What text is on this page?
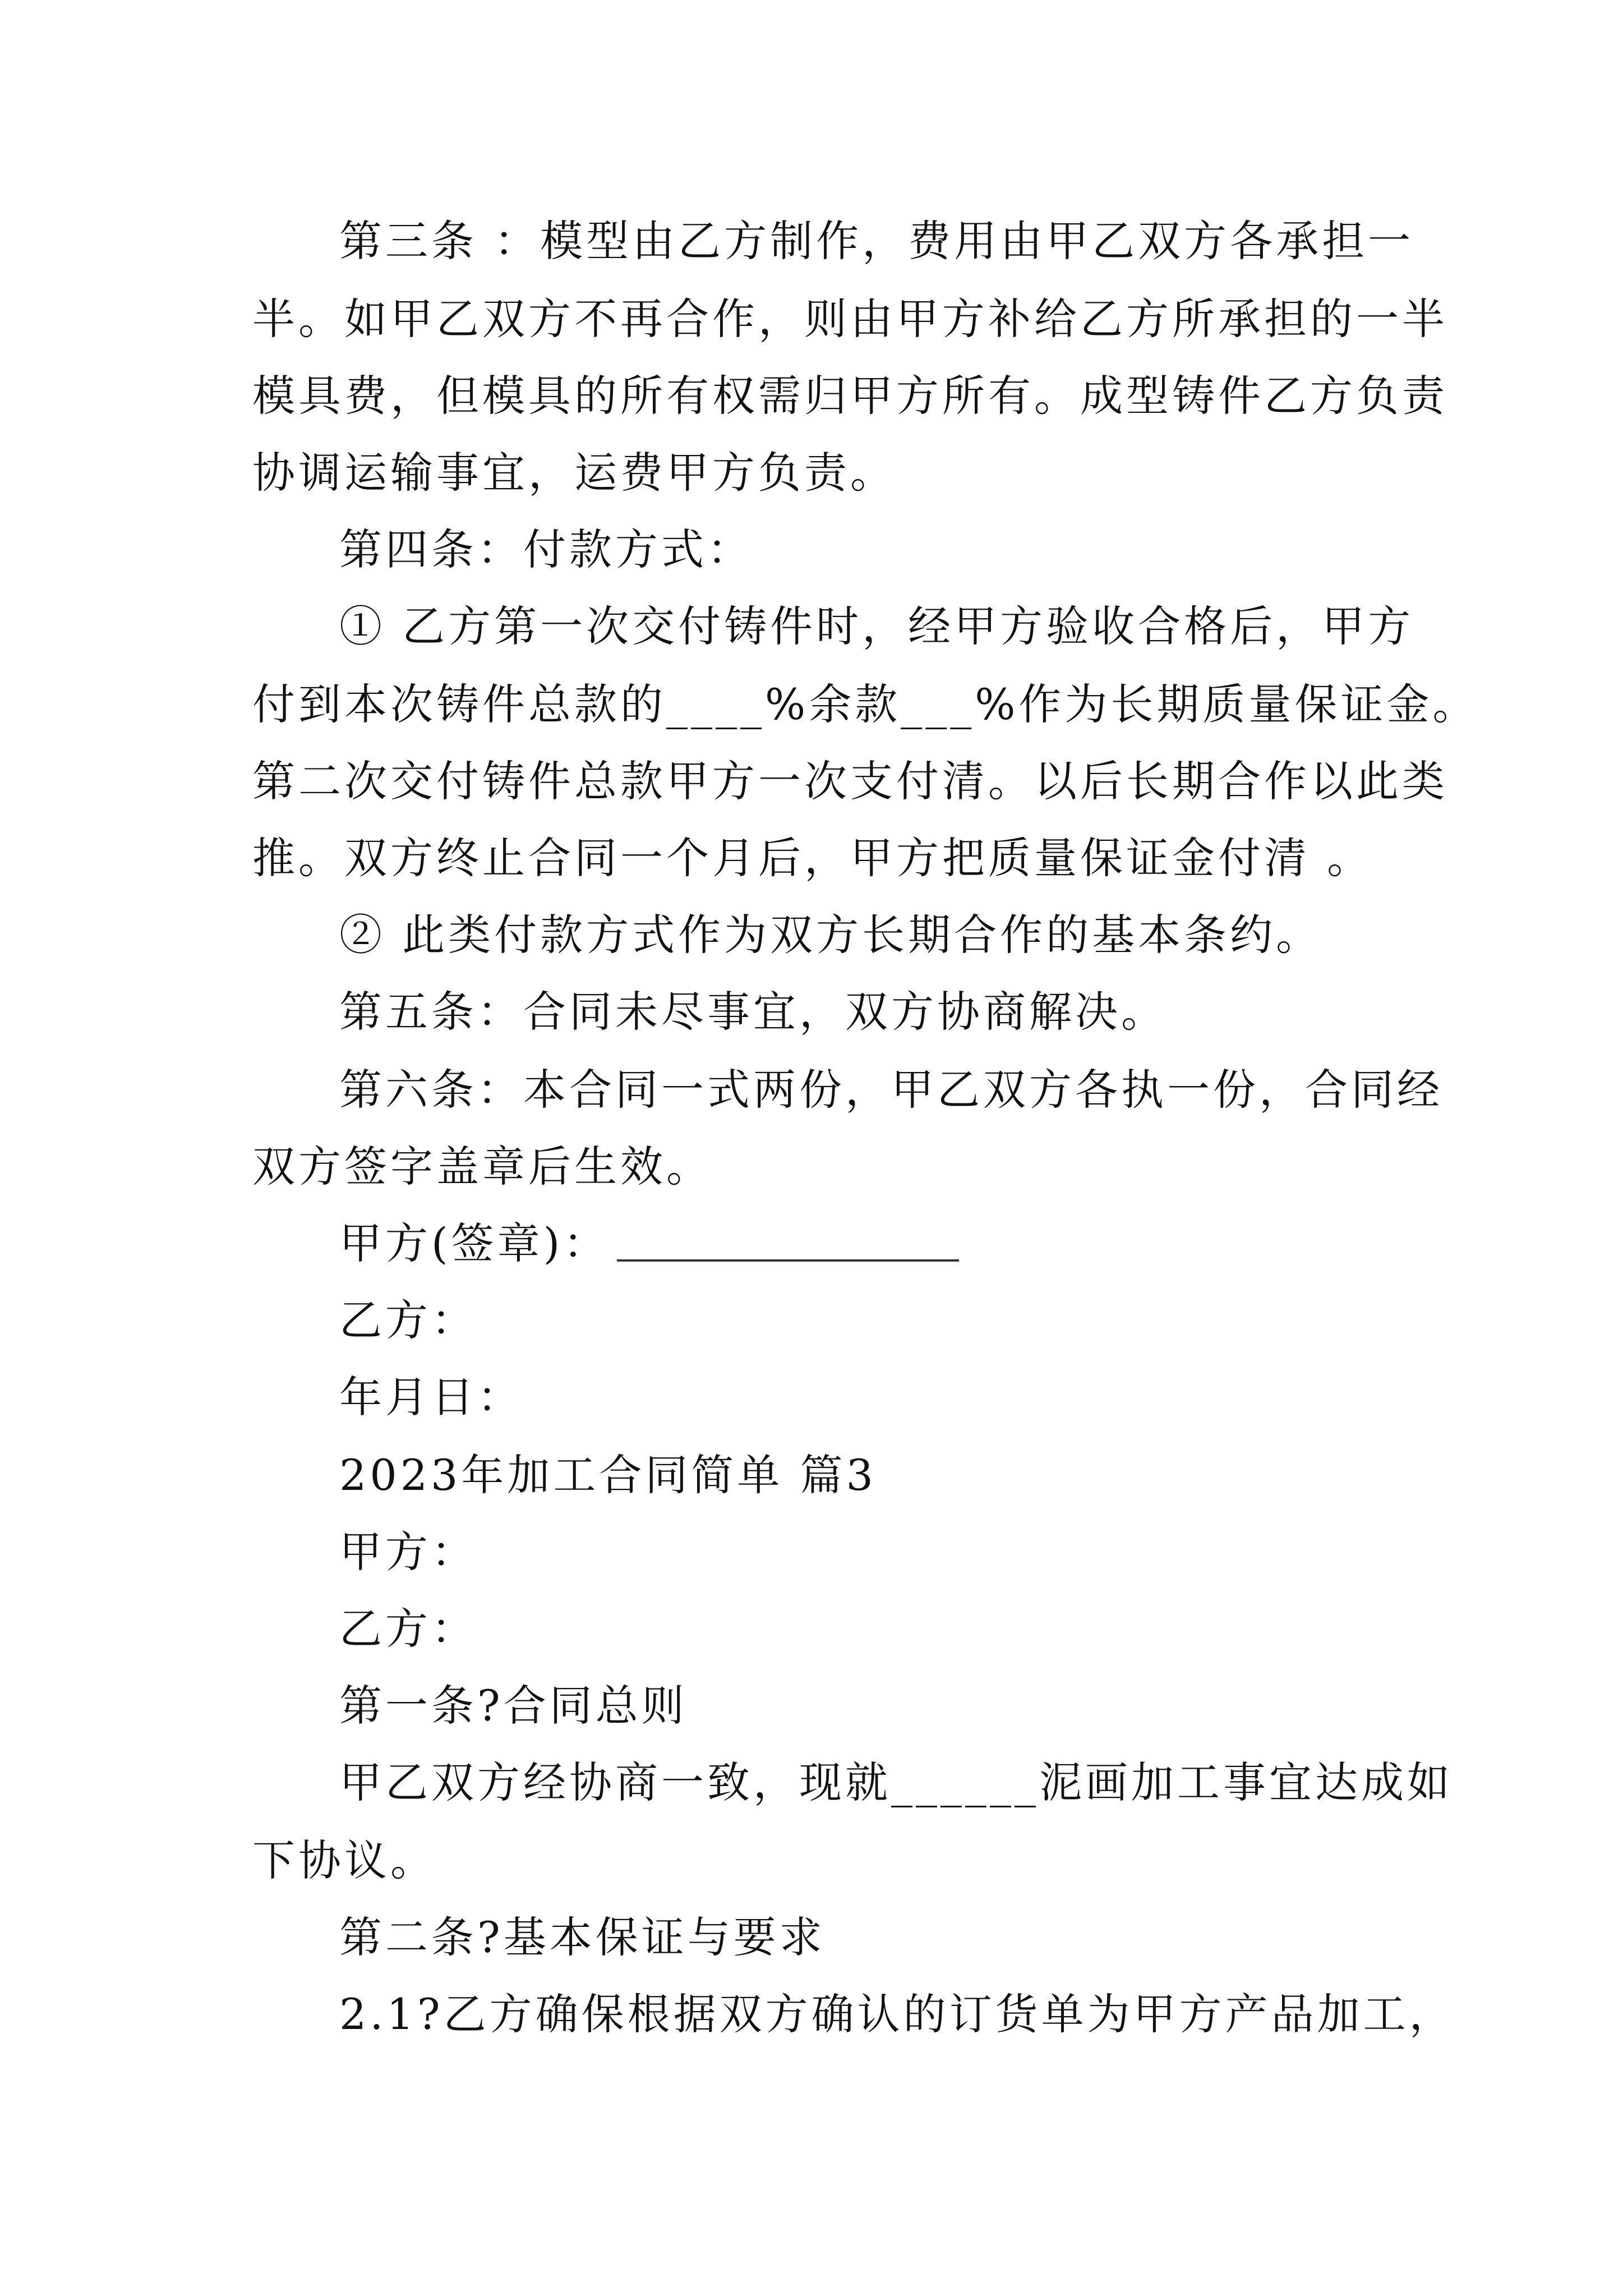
第三条 ：模型由乙方制作，费用由甲乙双方各承担一
半。如甲乙双方不再合作，则由甲方补给乙方所承担的一半
模具费，但模具的所有权需归甲方所有。成型铸件乙方负责
协调运输事宜，运费甲方负责。
第四条：付款方式：
① 乙方第一次交付铸件时，经甲方验收合格后，甲方
付到本次铸件总款的____%余款___%作为长期质量保证金。
第二次交付铸件总款甲方一次支付清。以后长期合作以此类
推。双方终止合同一个月后，甲方把质量保证金付清 。
② 此类付款方式作为双方长期合作的基本条约。
第五条：合同未尽事宜，双方协商解决。
第六条：本合同一式两份，甲乙双方各执一份，合同经
双方签字盖章后生效。
甲方(签章)：
乙方：
年月日：
2023年加工合同简单 篇3
甲方：
乙方：
第一条?合同总则
甲乙双方经协商一致，现就______泥画加工事宜达成如
下协议。
第二条?基本保证与要求
2.1?乙方确保根据双方确认的订货单为甲方产品加工，
